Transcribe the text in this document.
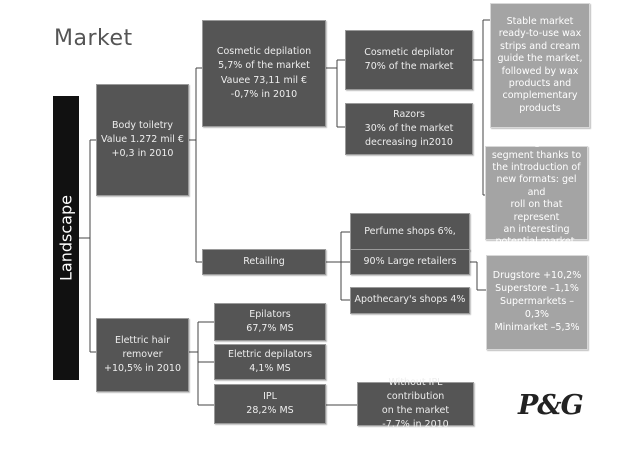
Market
Landscape
Body toiletry
Value 1.272 mil €
+0,3 in 2010
Elettric hair
remover
+10,5% in 2010
Cosmetic depilation
5,7% of the market
Vauee 73,11 mil €
-0,7% in 2010
Retailing
Epilators
67,7% MS
Elettric depilators
4,1% MS
IPL
28,2% MS
Cosmetic depilator
70% of the market
Razors
30% of the market
decreasing in2010
Perfume shops 6%,
90% Large retailers
Apothecary's shops 4%
Without IPL contribution
on the market
-7,7% in 2010
Stable market
ready-to-use wax
strips and cream
guide the market,
followed by wax
products and
complementary
products
Booming of wax
segment thanks to
the introduction of
new formats: gel and
roll on that represent
an interesting
potential market.
Drugstore +10,2%
Superstore –1,1%
Supermarkets –0,3%
Minimarket –5,3%
P&G
